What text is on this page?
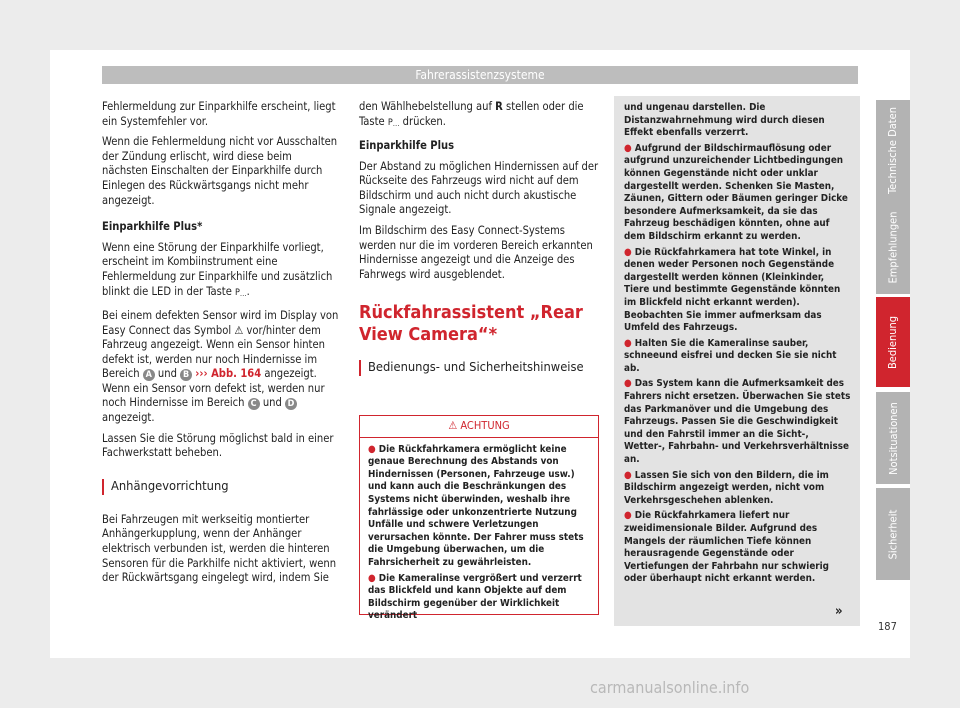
Fahrerassistenzsysteme

Fehlermeldung zur Einparkhilfe erscheint, liegt ein Systemfehler vor.

Wenn die Fehlermeldung nicht vor Ausschalten der Zündung erlischt, wird diese beim nächsten Einschalten der Einparkhilfe durch Einlegen des Rückwärtsgangs nicht mehr angezeigt.

Einparkhilfe Plus*

Wenn eine Störung der Einparkhilfe vorliegt, erscheint im Kombiinstrument eine Fehlermeldung zur Einparkhilfe und zusätzlich blinkt die LED in der Taste $P_\cdots$.

Bei einem defekten Sensor wird im Display von Easy Connect das Symbol ⚠ vor/hinter dem Fahrzeug angezeigt. Wenn ein Sensor hinten defekt ist, werden nur noch Hindernisse im Bereich A und B ››› Abb. 164 angezeigt. Wenn ein Sensor vorn defekt ist, werden nur noch Hindernisse im Bereich C und D angezeigt.

Lassen Sie die Störung möglichst bald in einer Fachwerkstatt beheben.

Anhängevorrichtung

Bei Fahrzeugen mit werkseitig montierter Anhängerkupplung, wenn der Anhänger elektrisch verbunden ist, werden die hinteren Sensoren für die Parkhilfe nicht aktiviert, wenn der Rückwärtsgang eingelegt wird, indem Sie

den Wählhebelstellung auf R stellen oder die Taste $P_\cdots$ drücken.

Einparkhilfe Plus

Der Abstand zu möglichen Hindernissen auf der Rückseite des Fahrzeugs wird nicht auf dem Bildschirm und auch nicht durch akustische Signale angezeigt.

Im Bildschirm des Easy Connect-Systems werden nur die im vorderen Bereich erkannten Hindernisse angezeigt und die Anzeige des Fahrwegs wird ausgeblendet.

Rückfahrassistent „Rear View Camera“*
Bedienungs- und Sicherheitshinweise
⚠ ACHTUNG
● Die Rückfahrkamera ermöglicht keine genaue Berechnung des Abstands von Hindernissen (Personen, Fahrzeuge usw.) und kann auch die Beschränkungen des Systems nicht überwinden, weshalb ihre fahrlässige oder unkonzentrierte Nutzung Unfälle und schwere Verletzungen verursachen könnte. Der Fahrer muss stets die Umgebung überwachen, um die Fahrsicherheit zu gewährleisten.
● Die Kameralinse vergrößert und verzerrt das Blickfeld und kann Objekte auf dem Bildschirm gegenüber der Wirklichkeit verändert
und ungenau darstellen. Die Distanzwahrnehmung wird durch diesen Effekt ebenfalls verzerrt.
● Aufgrund der Bildschirmauflösung oder aufgrund unzureichender Lichtbedingungen können Gegenstände nicht oder unklar dargestellt werden. Schenken Sie Masten, Zäunen, Gittern oder Bäumen geringer Dicke besondere Aufmerksamkeit, da sie das Fahrzeug beschädigen könnten, ohne auf dem Bildschirm erkannt zu werden.
● Die Rückfahrkamera hat tote Winkel, in denen weder Personen noch Gegenstände dargestellt werden können (Kleinkinder, Tiere und bestimmte Gegenstände könnten im Blickfeld nicht erkannt werden). Beobachten Sie immer aufmerksam das Umfeld des Fahrzeugs.
● Halten Sie die Kameralinse sauber, schneeund eisfrei und decken Sie sie nicht ab.
● Das System kann die Aufmerksamkeit des Fahrers nicht ersetzen. Überwachen Sie stets das Parkmanöver und die Umgebung des Fahrzeugs. Passen Sie die Geschwindigkeit und den Fahrstil immer an die Sicht-, Wetter-, Fahrbahn- und Verkehrsverhältnisse an.
● Lassen Sie sich von den Bildern, die im Bildschirm angezeigt werden, nicht vom Verkehrsgeschehen ablenken.
● Die Rückfahrkamera liefert nur zweidimensionale Bilder. Aufgrund des Mangels der räumlichen Tiefe können herausragende Gegenstände oder Vertiefungen der Fahrbahn nur schwierig oder überhaupt nicht erkannt werden.
»
Technische Daten
Empfehlungen
Bedienung
Notsituationen
Sicherheit
187
carmanualsonline.info
